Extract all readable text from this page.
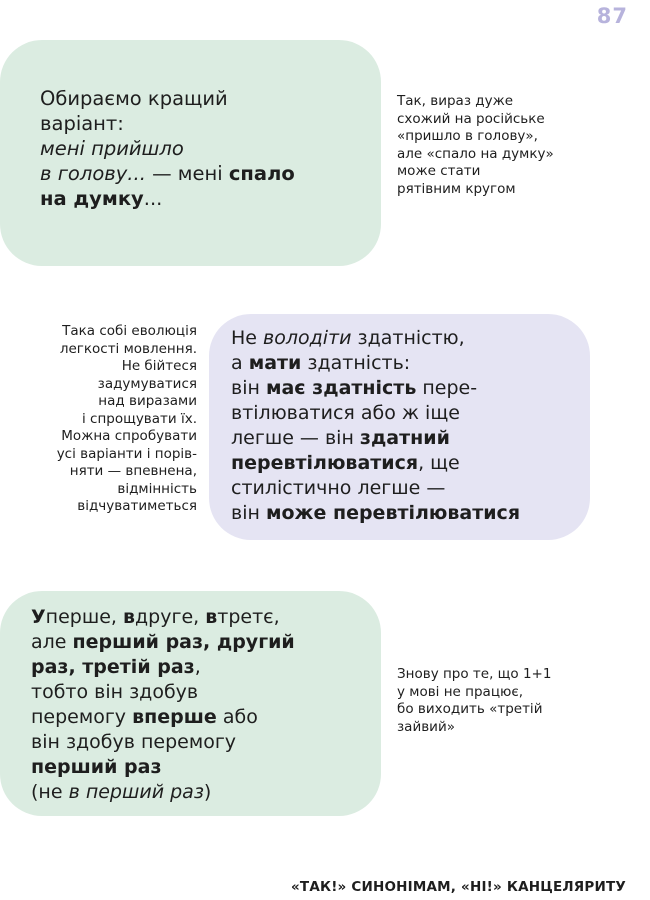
87
Обираємо кращий
варіант:
мені прийшло
в голову... — мені спало
на думку...
Так, вираз дуже
схожий на російське
«пришло в голову»,
але «спало на думку»
може стати
рятівним кругом
Така собі еволюція
легкості мовлення.
Не бійтеся
задумуватися
над виразами
і спрощувати їх.
Можна спробувати
усі варіанти і порів-
няти — впевнена,
відмінність
відчуватиметься
Не володіти здатністю,
а мати здатність:
він має здатність пере-
втілюватися або ж іще
легше — він здатний
перевтілюватися, ще
стилістично легше —
він може перевтілюватися
Уперше, вдруге, втретє,
але перший раз, другий
раз, третій раз,
тобто він здобув
перемогу вперше або
він здобув перемогу
перший раз
(не в перший раз)
Знову про те, що 1+1
у мові не працює,
бо виходить «третій
зайвий»
«ТАК!» СИНОНІМАМ, «НІ!» КАНЦЕЛЯРИТУ
